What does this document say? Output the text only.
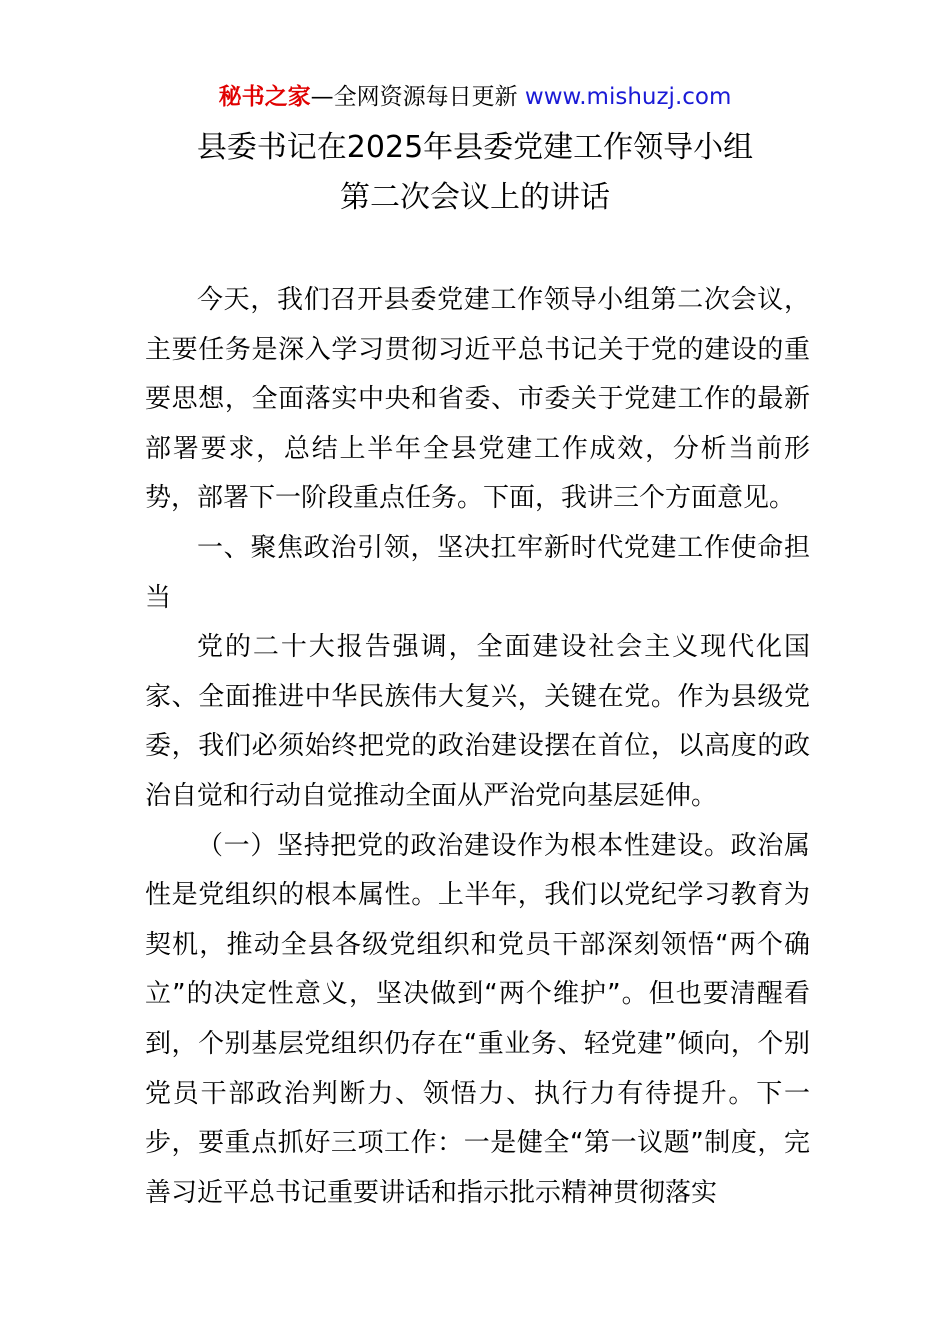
秘书之家—全网资源每日更新 www.mishuzj.com
县委书记在2025年县委党建工作领导小组
第二次会议上的讲话

今天，我们召开县委党建工作领导小组第二次会议，主要任务是深入学习贯彻习近平总书记关于党的建设的重要思想，全面落实中央和省委、市委关于党建工作的最新部署要求，总结上半年全县党建工作成效，分析当前形势，部署下一阶段重点任务。下面，我讲三个方面意见。

一、聚焦政治引领，坚决扛牢新时代党建工作使命担当

党的二十大报告强调，全面建设社会主义现代化国家、全面推进中华民族伟大复兴，关键在党。作为县级党委，我们必须始终把党的政治建设摆在首位，以高度的政治自觉和行动自觉推动全面从严治党向基层延伸。

（一）坚持把党的政治建设作为根本性建设。政治属性是党组织的根本属性。上半年，我们以党纪学习教育为契机，推动全县各级党组织和党员干部深刻领悟“两个确立”的决定性意义，坚决做到“两个维护”。但也要清醒看到，个别基层党组织仍存在“重业务、轻党建”倾向，个别党员干部政治判断力、领悟力、执行力有待提升。下一步，要重点抓好三项工作：一是健全“第一议题”制度，完善习近平总书记重要讲话和指示批示精神贯彻落实
